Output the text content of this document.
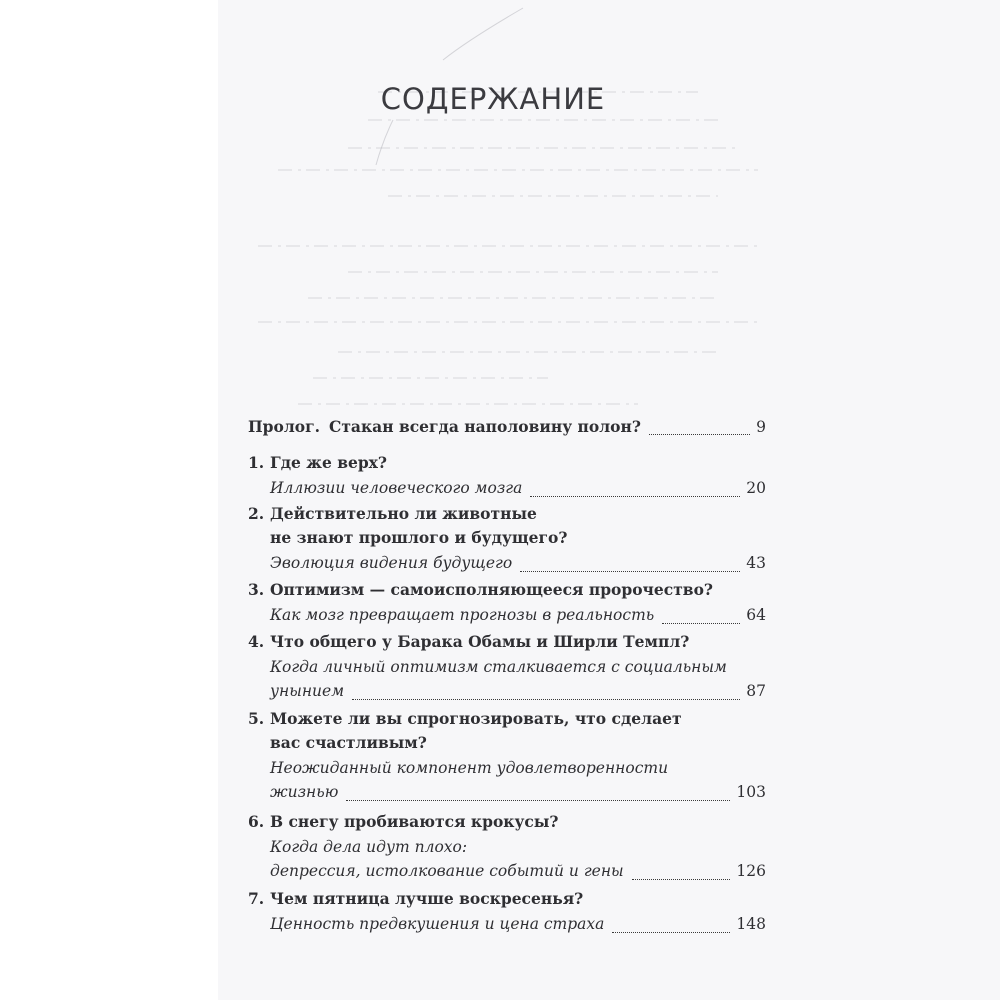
СОДЕРЖАНИЕ
Пролог. Стакан всегда наполовину полон?	9
1. Где же верх?
Иллюзии человеческого мозга	20
2. Действительно ли животные
не знают прошлого и будущего?
Эволюция видения будущего	43
3. Оптимизм — самоисполняющееся пророчество?
Как мозг превращает прогнозы в реальность	64
4. Что общего у Барака Обамы и Ширли Темпл?
Когда личный оптимизм сталкивается с социальным
унынием	87
5. Можете ли вы спрогнозировать, что сделает
вас счастливым?
Неожиданный компонент удовлетворенности
жизнью	103
6. В снегу пробиваются крокусы?
Когда дела идут плохо:
депрессия, истолкование событий и гены	126
7. Чем пятница лучше воскресенья?
Ценность предвкушения и цена страха	148
